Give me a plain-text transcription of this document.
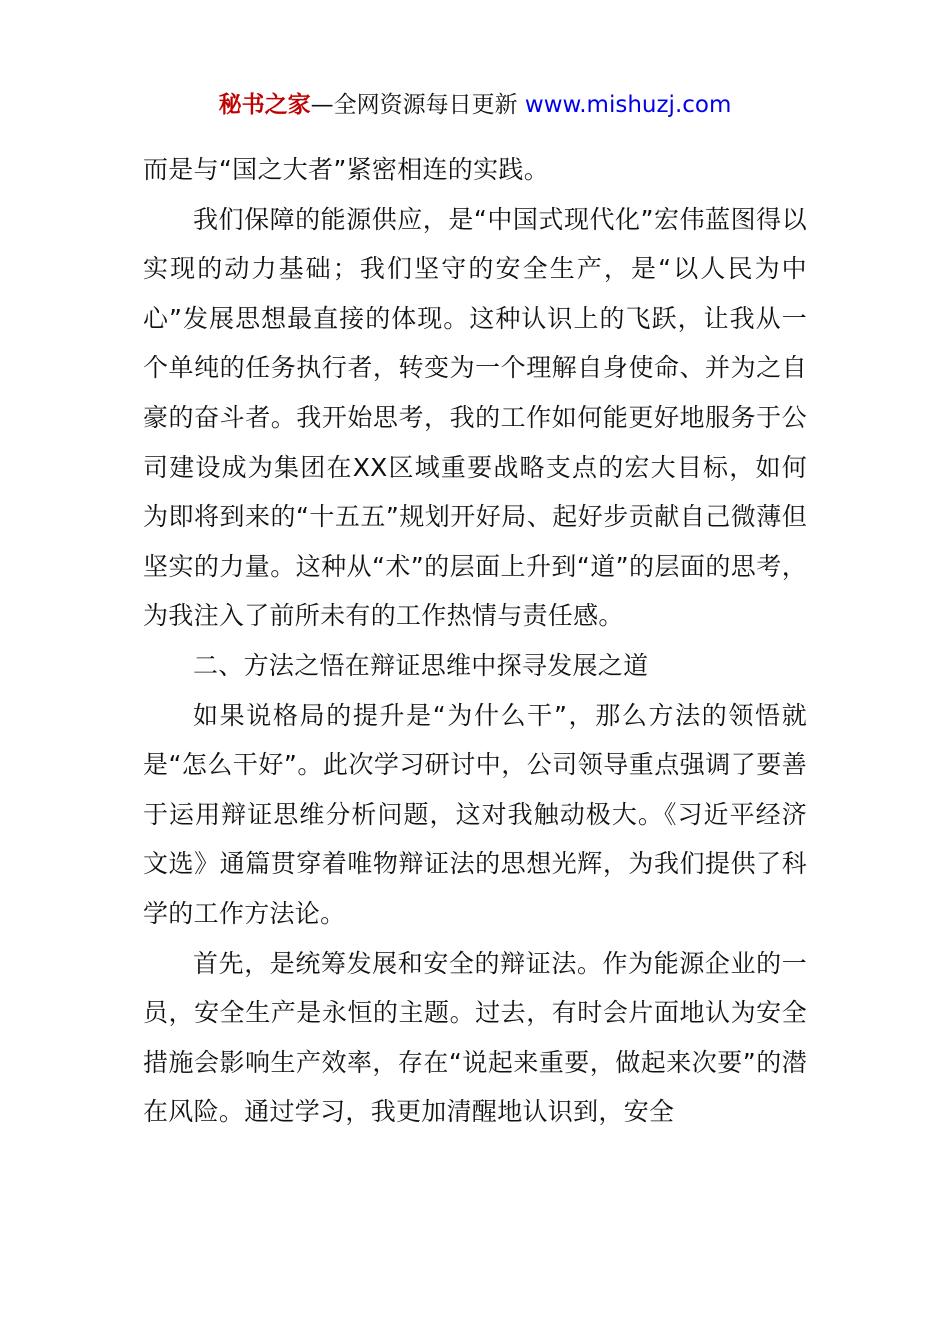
秘书之家—全网资源每日更新 www.mishuzj.com

而是与“国之大者”紧密相连的实践。

我们保障的能源供应，是“中国式现代化”宏伟蓝图得以实现的动力基础；我们坚守的安全生产，是“以人民为中心”发展思想最直接的体现。这种认识上的飞跃，让我从一个单纯的任务执行者，转变为一个理解自身使命、并为之自豪的奋斗者。我开始思考，我的工作如何能更好地服务于公司建设成为集团在XX区域重要战略支点的宏大目标，如何为即将到来的“十五五”规划开好局、起好步贡献自己微薄但坚实的力量。这种从“术”的层面上升到“道”的层面的思考，为我注入了前所未有的工作热情与责任感。

二、方法之悟在辩证思维中探寻发展之道

如果说格局的提升是“为什么干”，那么方法的领悟就是“怎么干好”。此次学习研讨中，公司领导重点强调了要善于运用辩证思维分析问题，这对我触动极大。《习近平经济文选》通篇贯穿着唯物辩证法的思想光辉，为我们提供了科学的工作方法论。

首先，是统筹发展和安全的辩证法。作为能源企业的一员，安全生产是永恒的主题。过去，有时会片面地认为安全措施会影响生产效率，存在“说起来重要，做起来次要”的潜在风险。通过学习，我更加清醒地认识到，安全
